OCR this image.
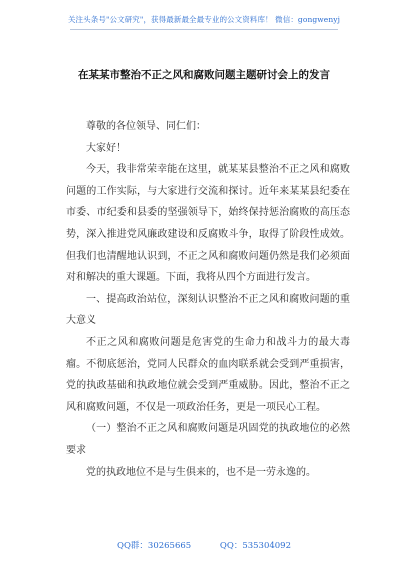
关注头条号"公文研究"，获得最新最全最专业的公文资料库！ 微信：gongwenyj
在某某市整治不正之风和腐败问题主题研讨会上的发言

尊敬的各位领导、同仁们：

大家好！

今天，我非常荣幸能在这里，就某某县整治不正之风和腐败问题的工作实际，与大家进行交流和探讨。近年来某某县纪委在市委、市纪委和县委的坚强领导下，始终保持惩治腐败的高压态势，深入推进党风廉政建设和反腐败斗争，取得了阶段性成效。但我们也清醒地认识到，不正之风和腐败问题仍然是我们必须面对和解决的重大课题。下面，我将从四个方面进行发言。

一、提高政治站位，深刻认识整治不正之风和腐败问题的重大意义

不正之风和腐败问题是危害党的生命力和战斗力的最大毒瘤。不彻底惩治，党同人民群众的血肉联系就会受到严重损害，党的执政基础和执政地位就会受到严重威胁。因此，整治不正之风和腐败问题，不仅是一项政治任务，更是一项民心工程。

（一）整治不正之风和腐败问题是巩固党的执政地位的必然要求

党的执政地位不是与生俱来的，也不是一劳永逸的。

QQ群：30265665	QQ：535304092
